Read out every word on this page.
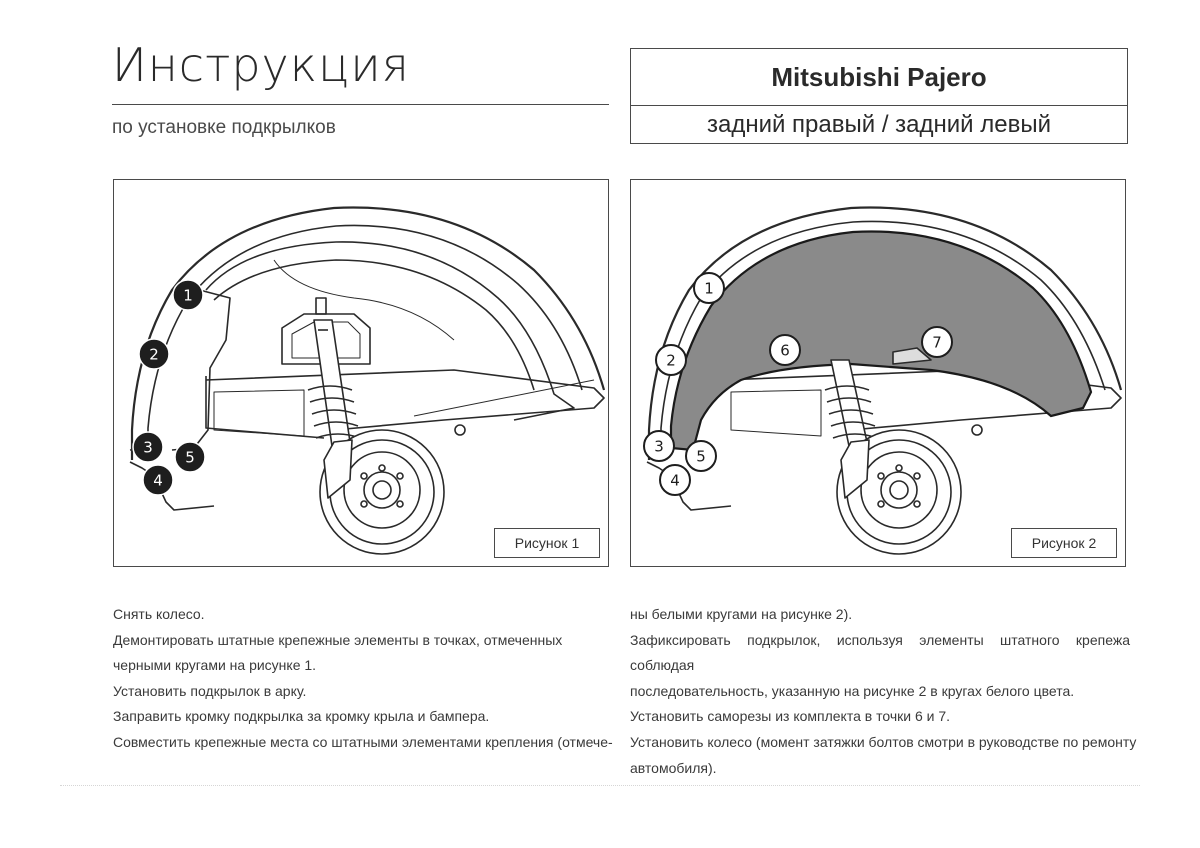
Инструкция
по установке подкрылков
Mitsubishi Pajero
задний правый / задний левый
1
2
3
4
5
Рисунок 1
1
2
3
4
5
6	7
Рисунок 2

Снять колесо.

Демонтировать штатные крепежные элементы в точках, отмеченных

черными кругами на рисунке 1.

Установить подкрылок в арку.

Заправить кромку подкрылка за кромку крыла и бампера.

Совместить крепежные места со штатными элементами крепления (отмече-

ны белыми кругами на рисунке 2).

Зафиксировать подкрылок, используя элементы штатного крепежа соблюдая

последовательность, указанную на рисунке 2 в кругах белого цвета.

Установить саморезы из комплекта в точки 6 и 7.

Установить колесо (момент затяжки болтов смотри в руководстве по ремонту

автомобиля).
